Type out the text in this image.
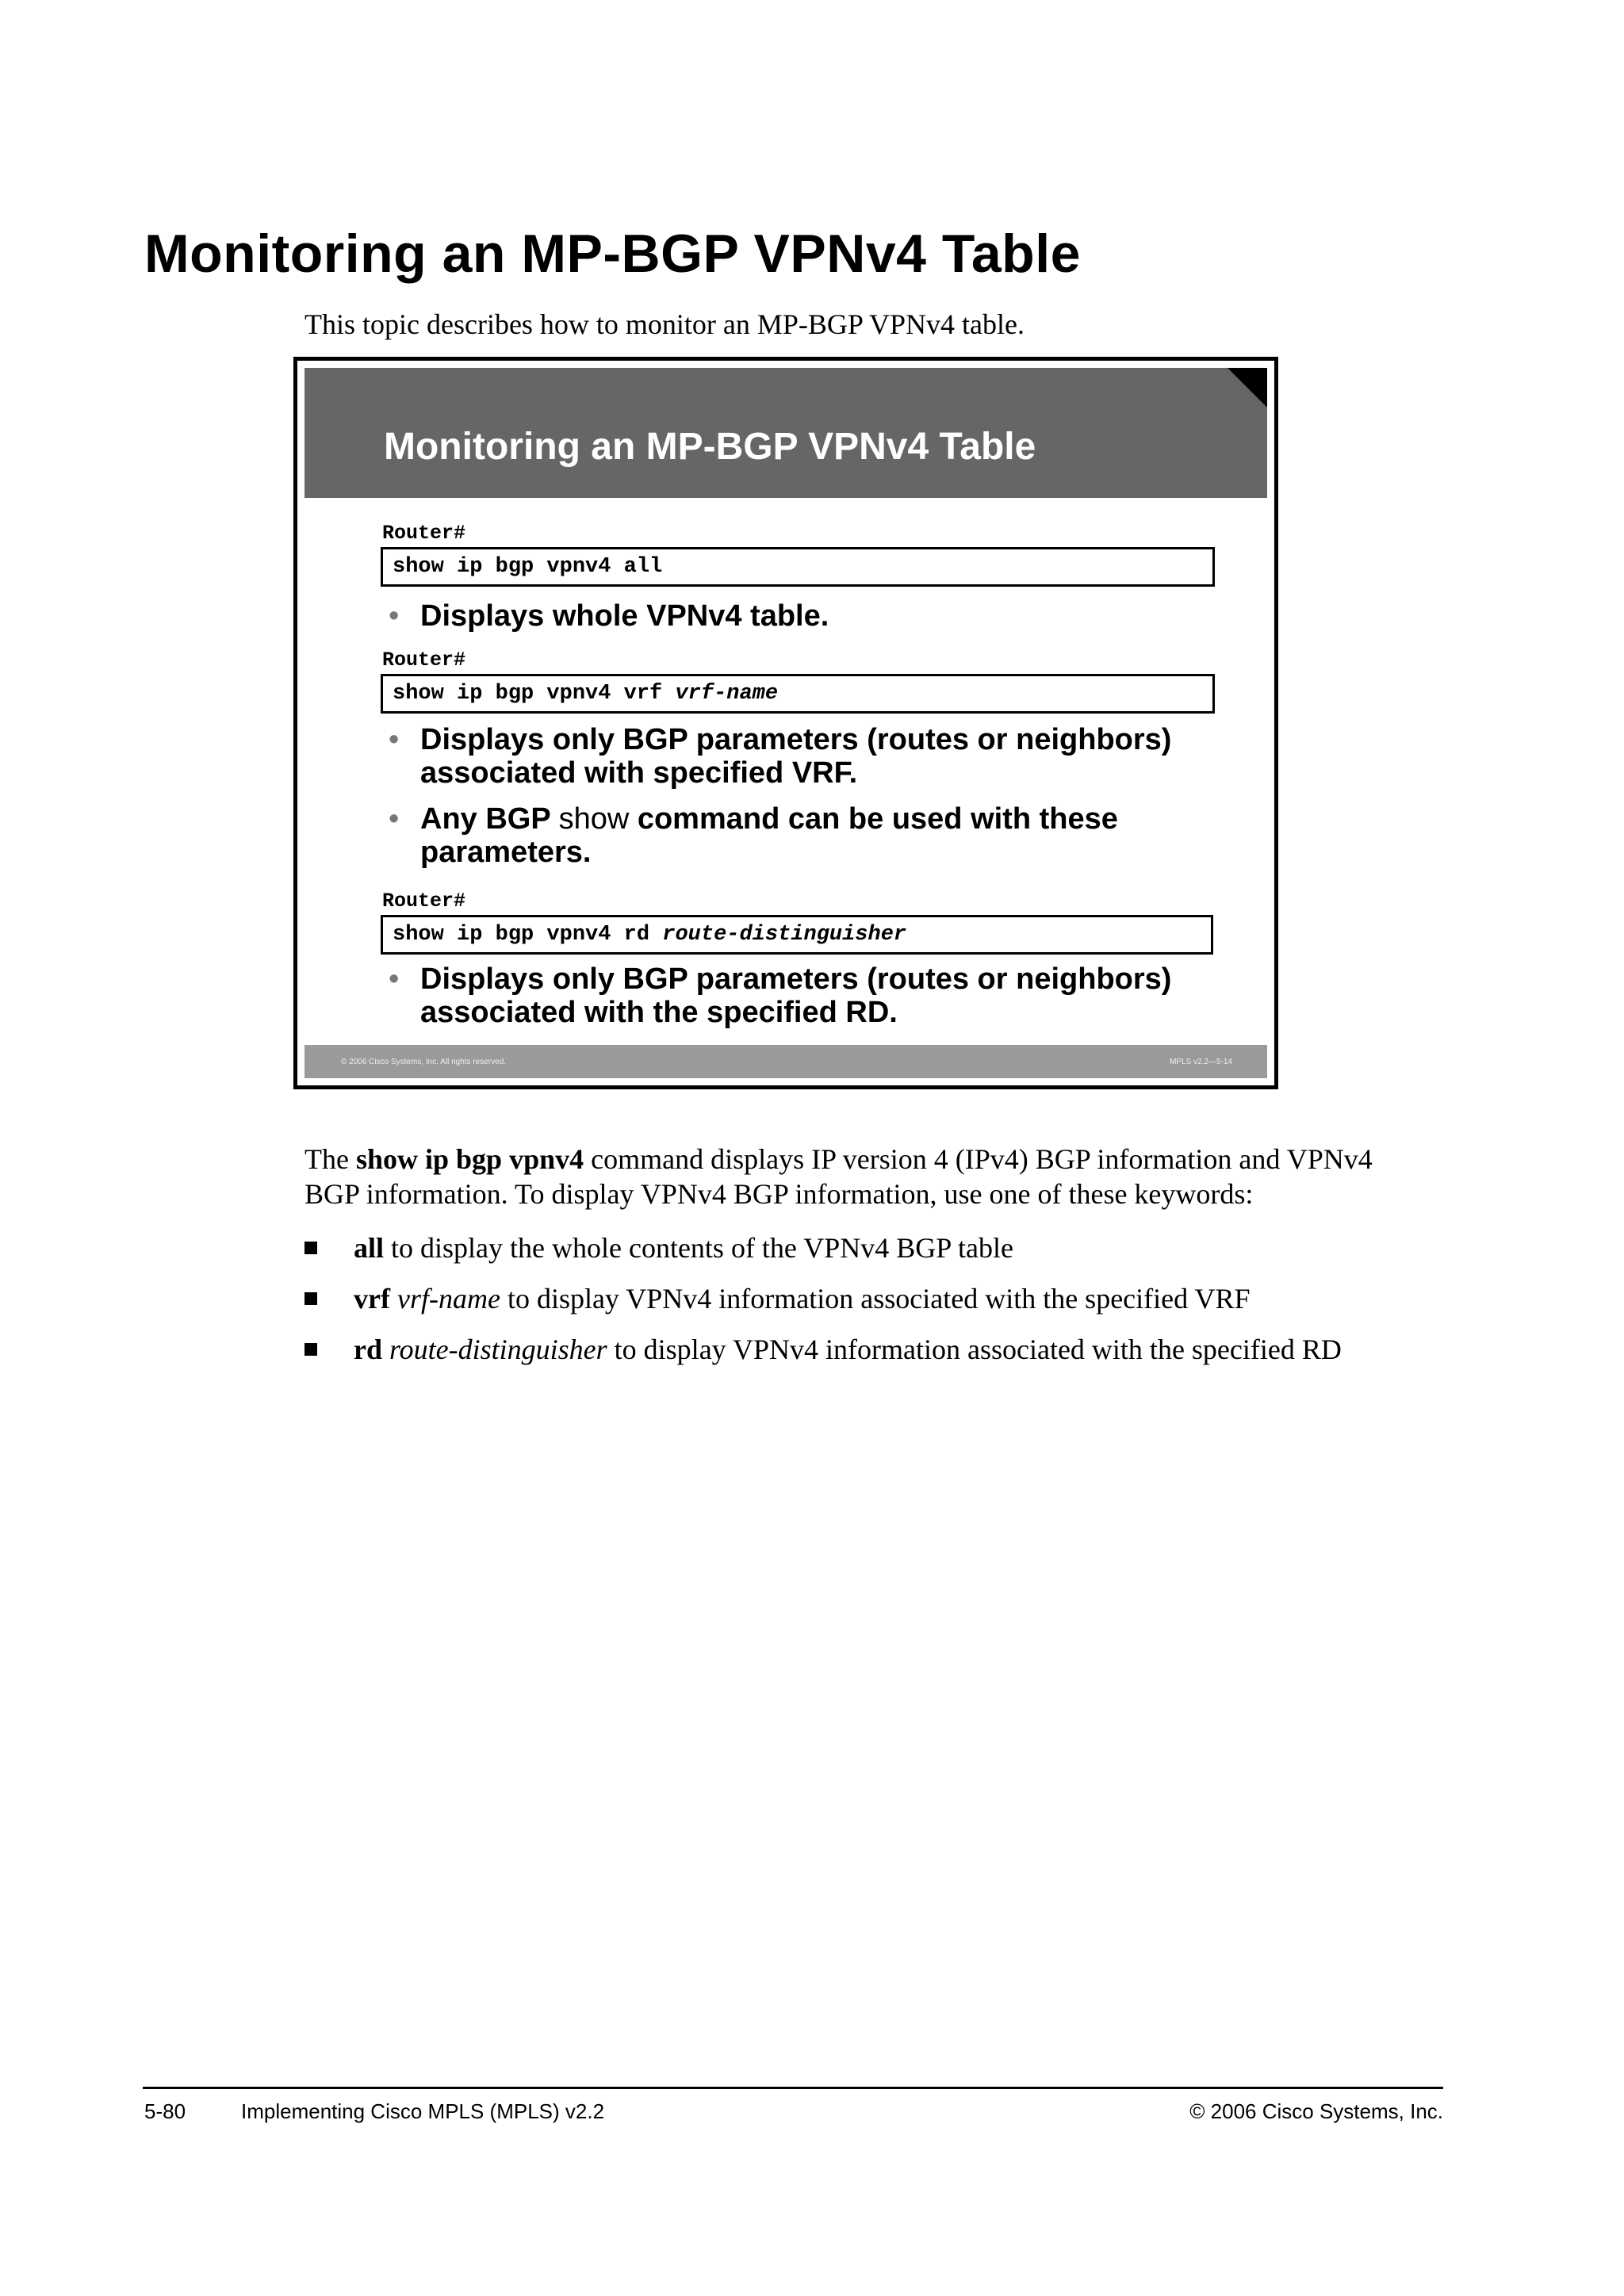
Monitoring an MP-BGP VPNv4 Table
This topic describes how to monitor an MP-BGP VPNv4 table.
Monitoring an MP-BGP VPNv4 Table
Router#
show ip bgp vpnv4 all
• Displays whole VPNv4 table.
Router#
show ip bgp vpnv4 vrf vrf-name
• Displays only BGP parameters (routes or neighbors)
associated with specified VRF.
• Any BGP show command can be used with these
parameters.
Router#
show ip bgp vpnv4 rd route-distinguisher
• Displays only BGP parameters (routes or neighbors)
associated with the specified RD.
© 2006 Cisco Systems, Inc. All rights reserved.	MPLS v2.2—5-14
The show ip bgp vpnv4 command displays IP version 4 (IPv4) BGP information and VPNv4
BGP information. To display VPNv4 BGP information, use one of these keywords:
all to display the whole contents of the VPNv4 BGP table
vrf vrf-name to display VPNv4 information associated with the specified VRF
rd route-distinguisher to display VPNv4 information associated with the specified RD
5-80	Implementing Cisco MPLS (MPLS) v2.2	© 2006 Cisco Systems, Inc.
